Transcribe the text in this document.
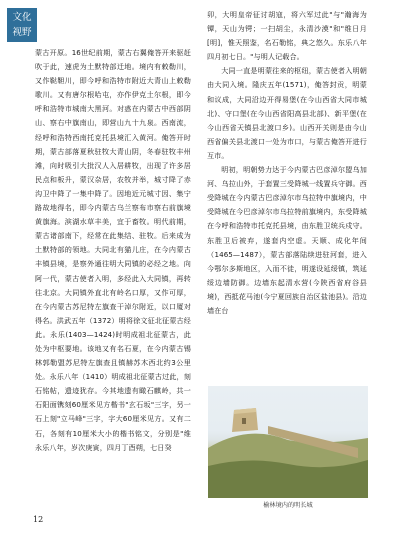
文化
视野

蒙古开原。16世纪前期，蒙古右翼俺答开来驱赶吹于此，速虎为土默特部迁地。境内有敕勒川，又作鞑靼川，即今呼和浩特市附近大青山上敕勒歌川。又有唐尔根哈屯，亦作伊克土尔根，即今呼和浩特市城南大黑河。对惑在内蒙古中西部阴山、察右中旗南山，即营山九十九泉。西南流，经呼和浩特西南托克托县境汇入黄河。俺答开时期，蒙古部落夏秋驻牧大青山阴，冬春驻牧丰州滩，向时吸引大批汉人入居耕牧，出现了许多居民点和板升，蒙汉杂居，农牧并举，城寸降了赤沟卫中降了一集中降了。因地近元城寸因、集宁路故地得名，即今内蒙古乌兰察布市察右前旗境黄旗海。滨湖水草丰美，宜于畜牧。明代前期，蒙古诸部南下，经常在此集结、驻牧。后来成为土默特部的领地。大同北有猫儿庄，在今内蒙古丰镇县境，是察外通往明大同镇的必经之地。向阿一代，蒙古使者入明，多经此入大同镇，再转往北京。大同镇外直北有岭名口厚，又作可厚，在今内蒙古苏尼特左旗查干淖尔附近，以口厦对得名。洪武五年（1372）明将徐文征北征蒙古经此。永乐(1403—1424)时明成祖北征蒙古，此处为中枢要地。该地又有名石夏，在今内蒙古锡林郭勒盟苏尼特左旗查且镇赫苏木西北约3公里处。永乐八年（1410）明成祖北征蒙古过此，刻石铭帖，遗迹犹存。今其地遗有瞰石麒岭，共一石阳面镌刻60厘米见方楷书"玄石坂"三字，另一石上刻"立马峰"三字，字大60厘米见方。又有二石，各刻有10厘米大小的楷书铭文，分别是"维永乐八年，岁次庚寅，四月丁酉朔，七日癸

卯，大明皇帝征讨胡寇，将六军过此"与"瀚海为镡，天山为锷；一扫胡尘，永清沙漠"和"维日月[明]，惟天照鉴，名石勒铭，典之悠久。东乐八年四月初七日。"与明人记载合。

大同一直是明蒙往来的枢纽，蒙古使者入明朝由大同入境。隆庆五年(1571)，俺答封贡，明蒙和议成，大同沿边开得易堡(在今山西省大同市城北)、守口堡(在今山西省阳高县北部)、新平堡(在今山西省天镇县北渡口乡)。山西开关则是由今山西省偏关县北渡口一处为市口，与蒙古俺答开进行互市。

明初，明朝势力达于今内蒙古巴彦淖尔盟乌加河、乌拉山外，于套置三受降城一线置兵守御。西受降城在今内蒙古巴彦淖尔市乌拉特中旗境内，中受降城在今巴彦淖尔市乌拉特前旗境内，东受降城在今呼和浩特市托克托县境，由东胜卫统兵戍守。东胜卫后被弃，遂套内空虚。天顺、成化年间（1465—1487），蒙古部落陆续进驻河套，进入今鄂尔多斯地区，入而不徒，明遂设延绥镇，筑延绥边墙防御。边墙东起清水营(今陕西省府谷县境)，西抵花马池(今宁夏回族自治区盐池县)。沿边墙在台

榆林境内的明长城
12
